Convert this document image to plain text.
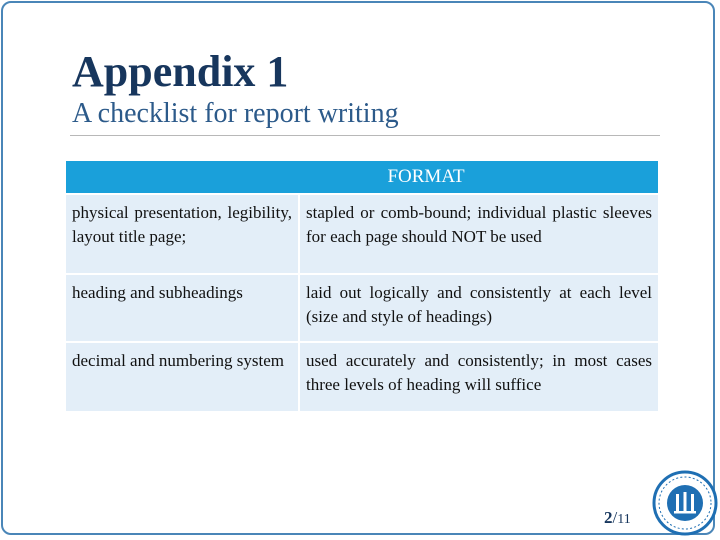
Appendix 1
A checklist for report writing
FORMAT	
physical presentation, legibility, layout title page;	stapled or comb-bound; individual plastic sleeves for each page should NOT be used
heading and subheadings	laid out logically and consistently at each level (size and style of headings)
decimal and numbering system	used accurately and consistently; in most cases three levels of heading will suffice
2/11
